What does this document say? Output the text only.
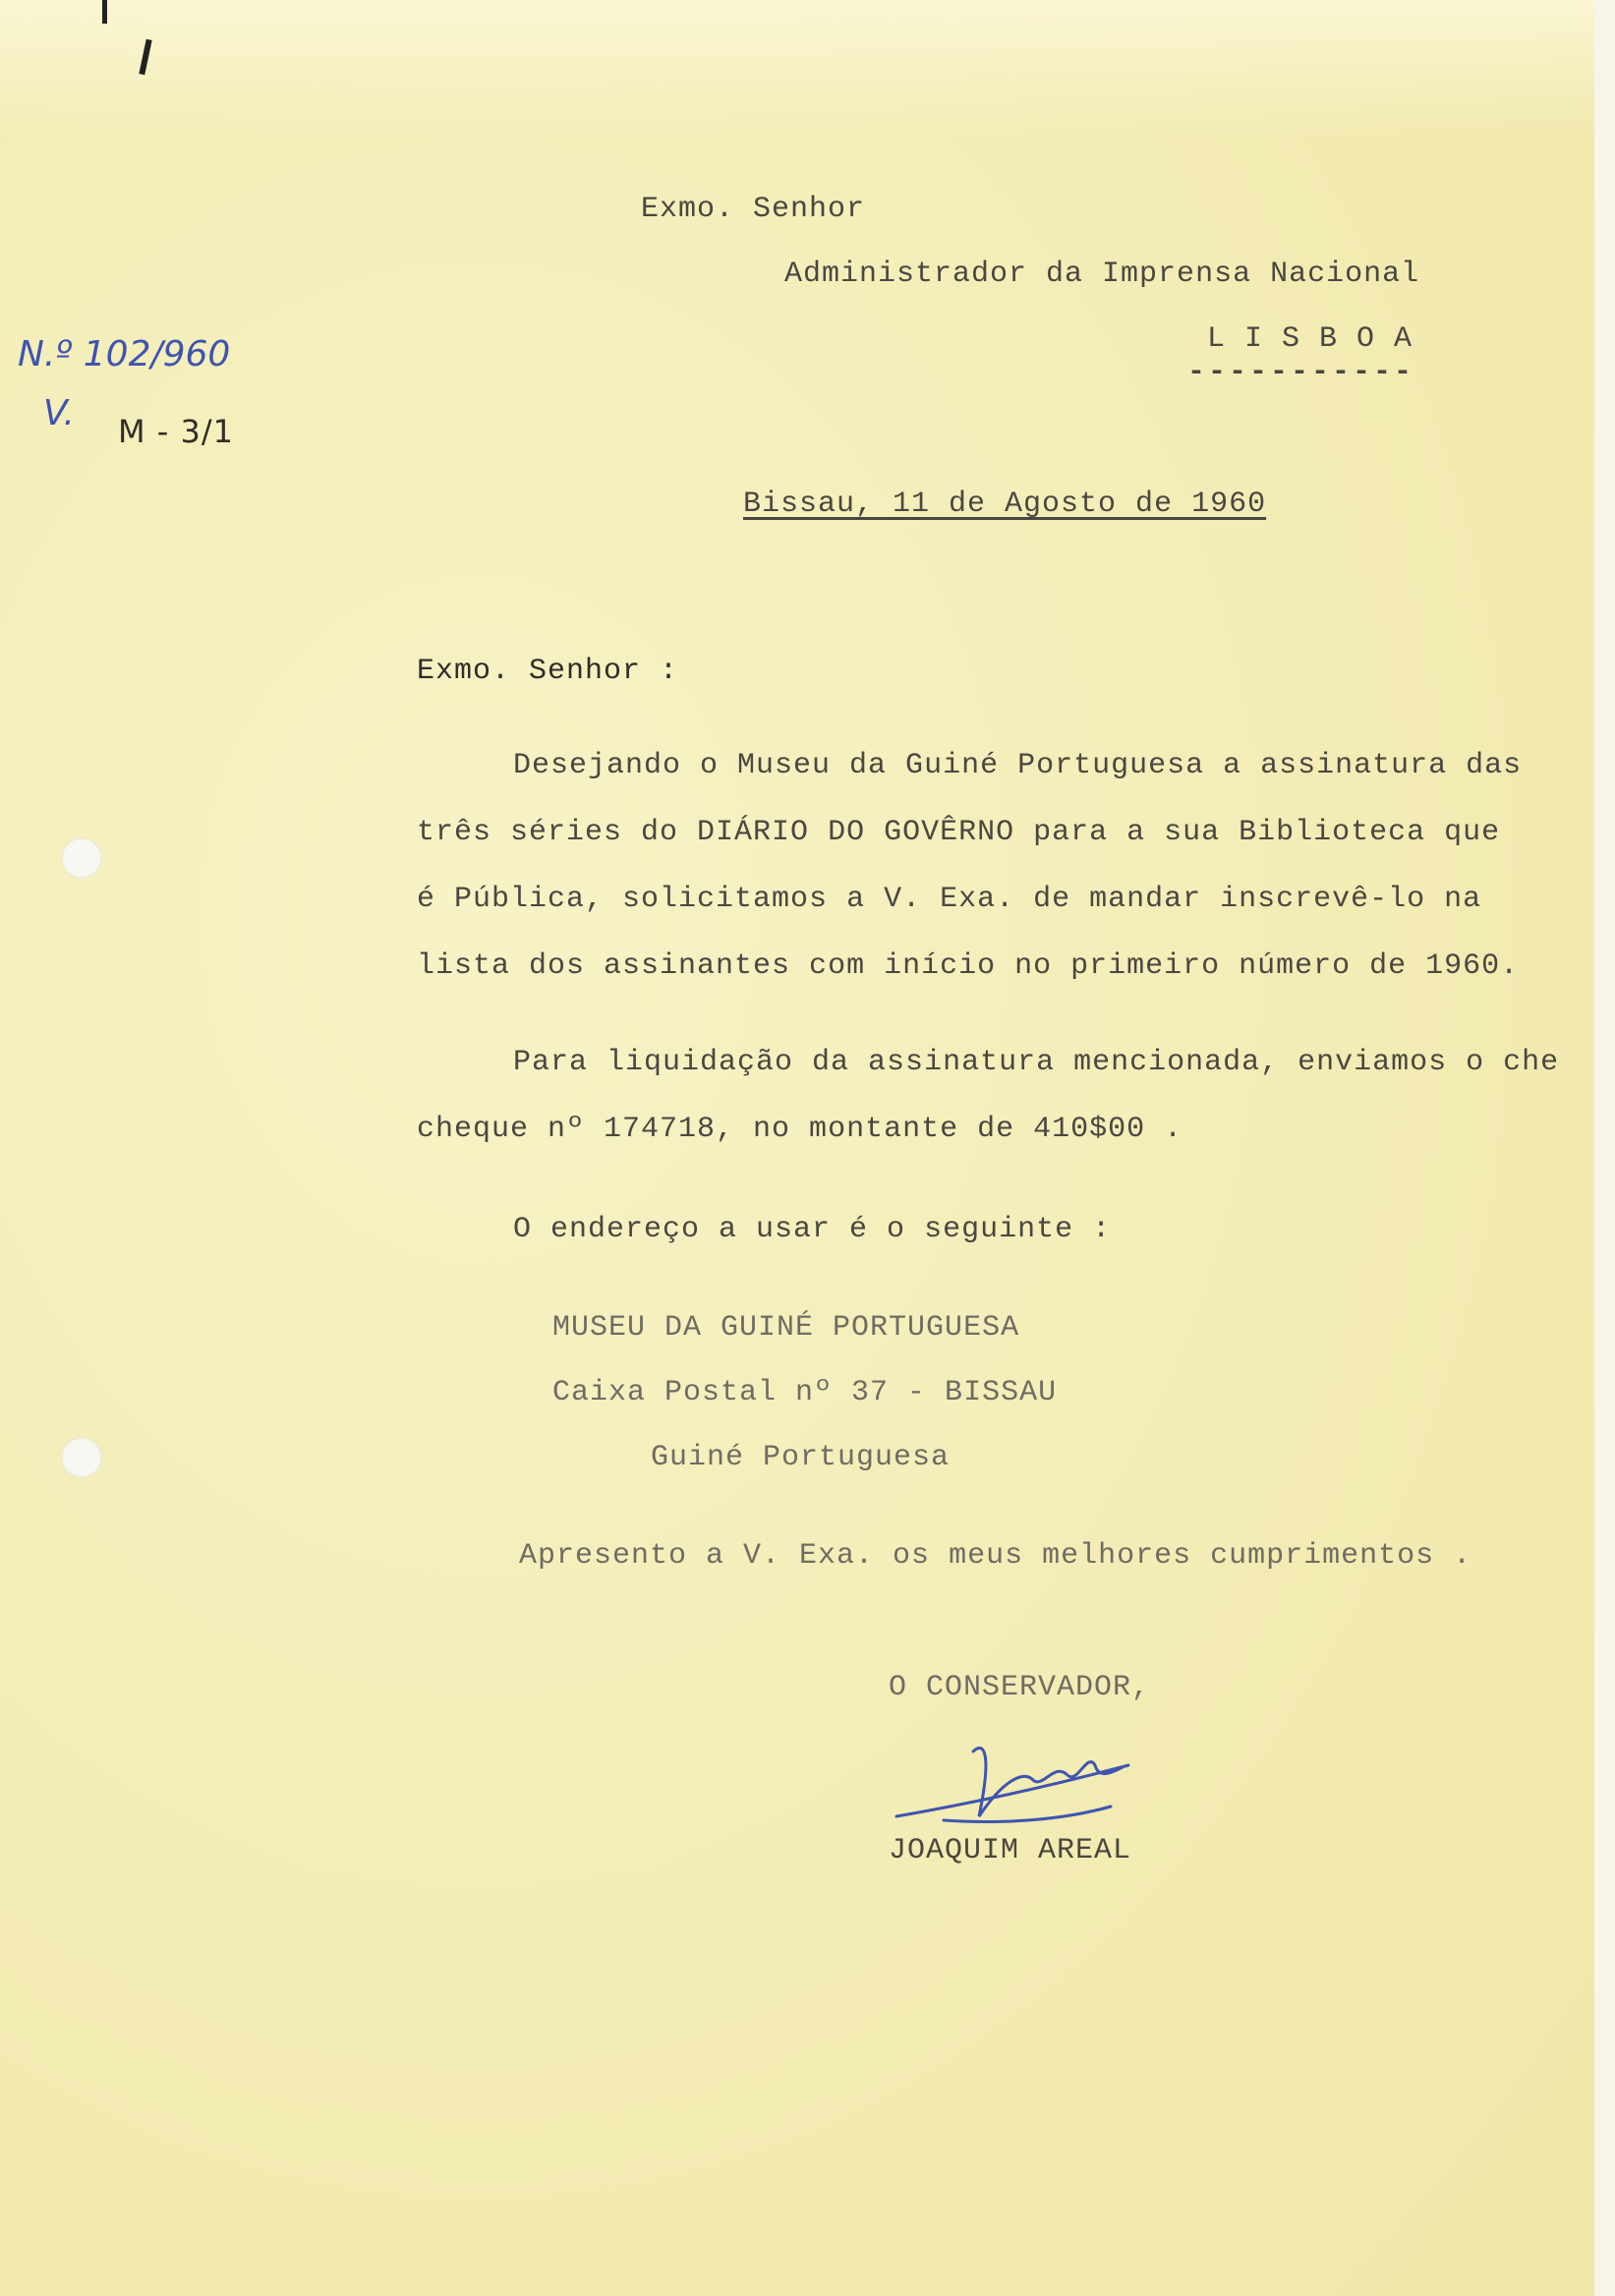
N.º 102/960
V. M - 3/1
Exmo. Senhor
Administrador da Imprensa Nacional
L I S B O A
-----------
Bissau, 11 de Agosto de 1960
Exmo. Senhor :
Desejando o Museu da Guiné Portuguesa a assinatura das
três séries do DIÁRIO DO GOVÊRNO para a sua Biblioteca que
é Pública, solicitamos a V. Exa. de mandar inscrevê-lo na
lista dos assinantes com início no primeiro número de 1960.
Para liquidação da assinatura mencionada, enviamos o che
cheque nº 174718, no montante de 410$00 .
O endereço a usar é o seguinte :
MUSEU DA GUINÉ PORTUGUESA
Caixa Postal nº 37 - BISSAU
Guiné Portuguesa
Apresento a V. Exa. os meus melhores cumprimentos .
O CONSERVADOR,
JOAQUIM AREAL
